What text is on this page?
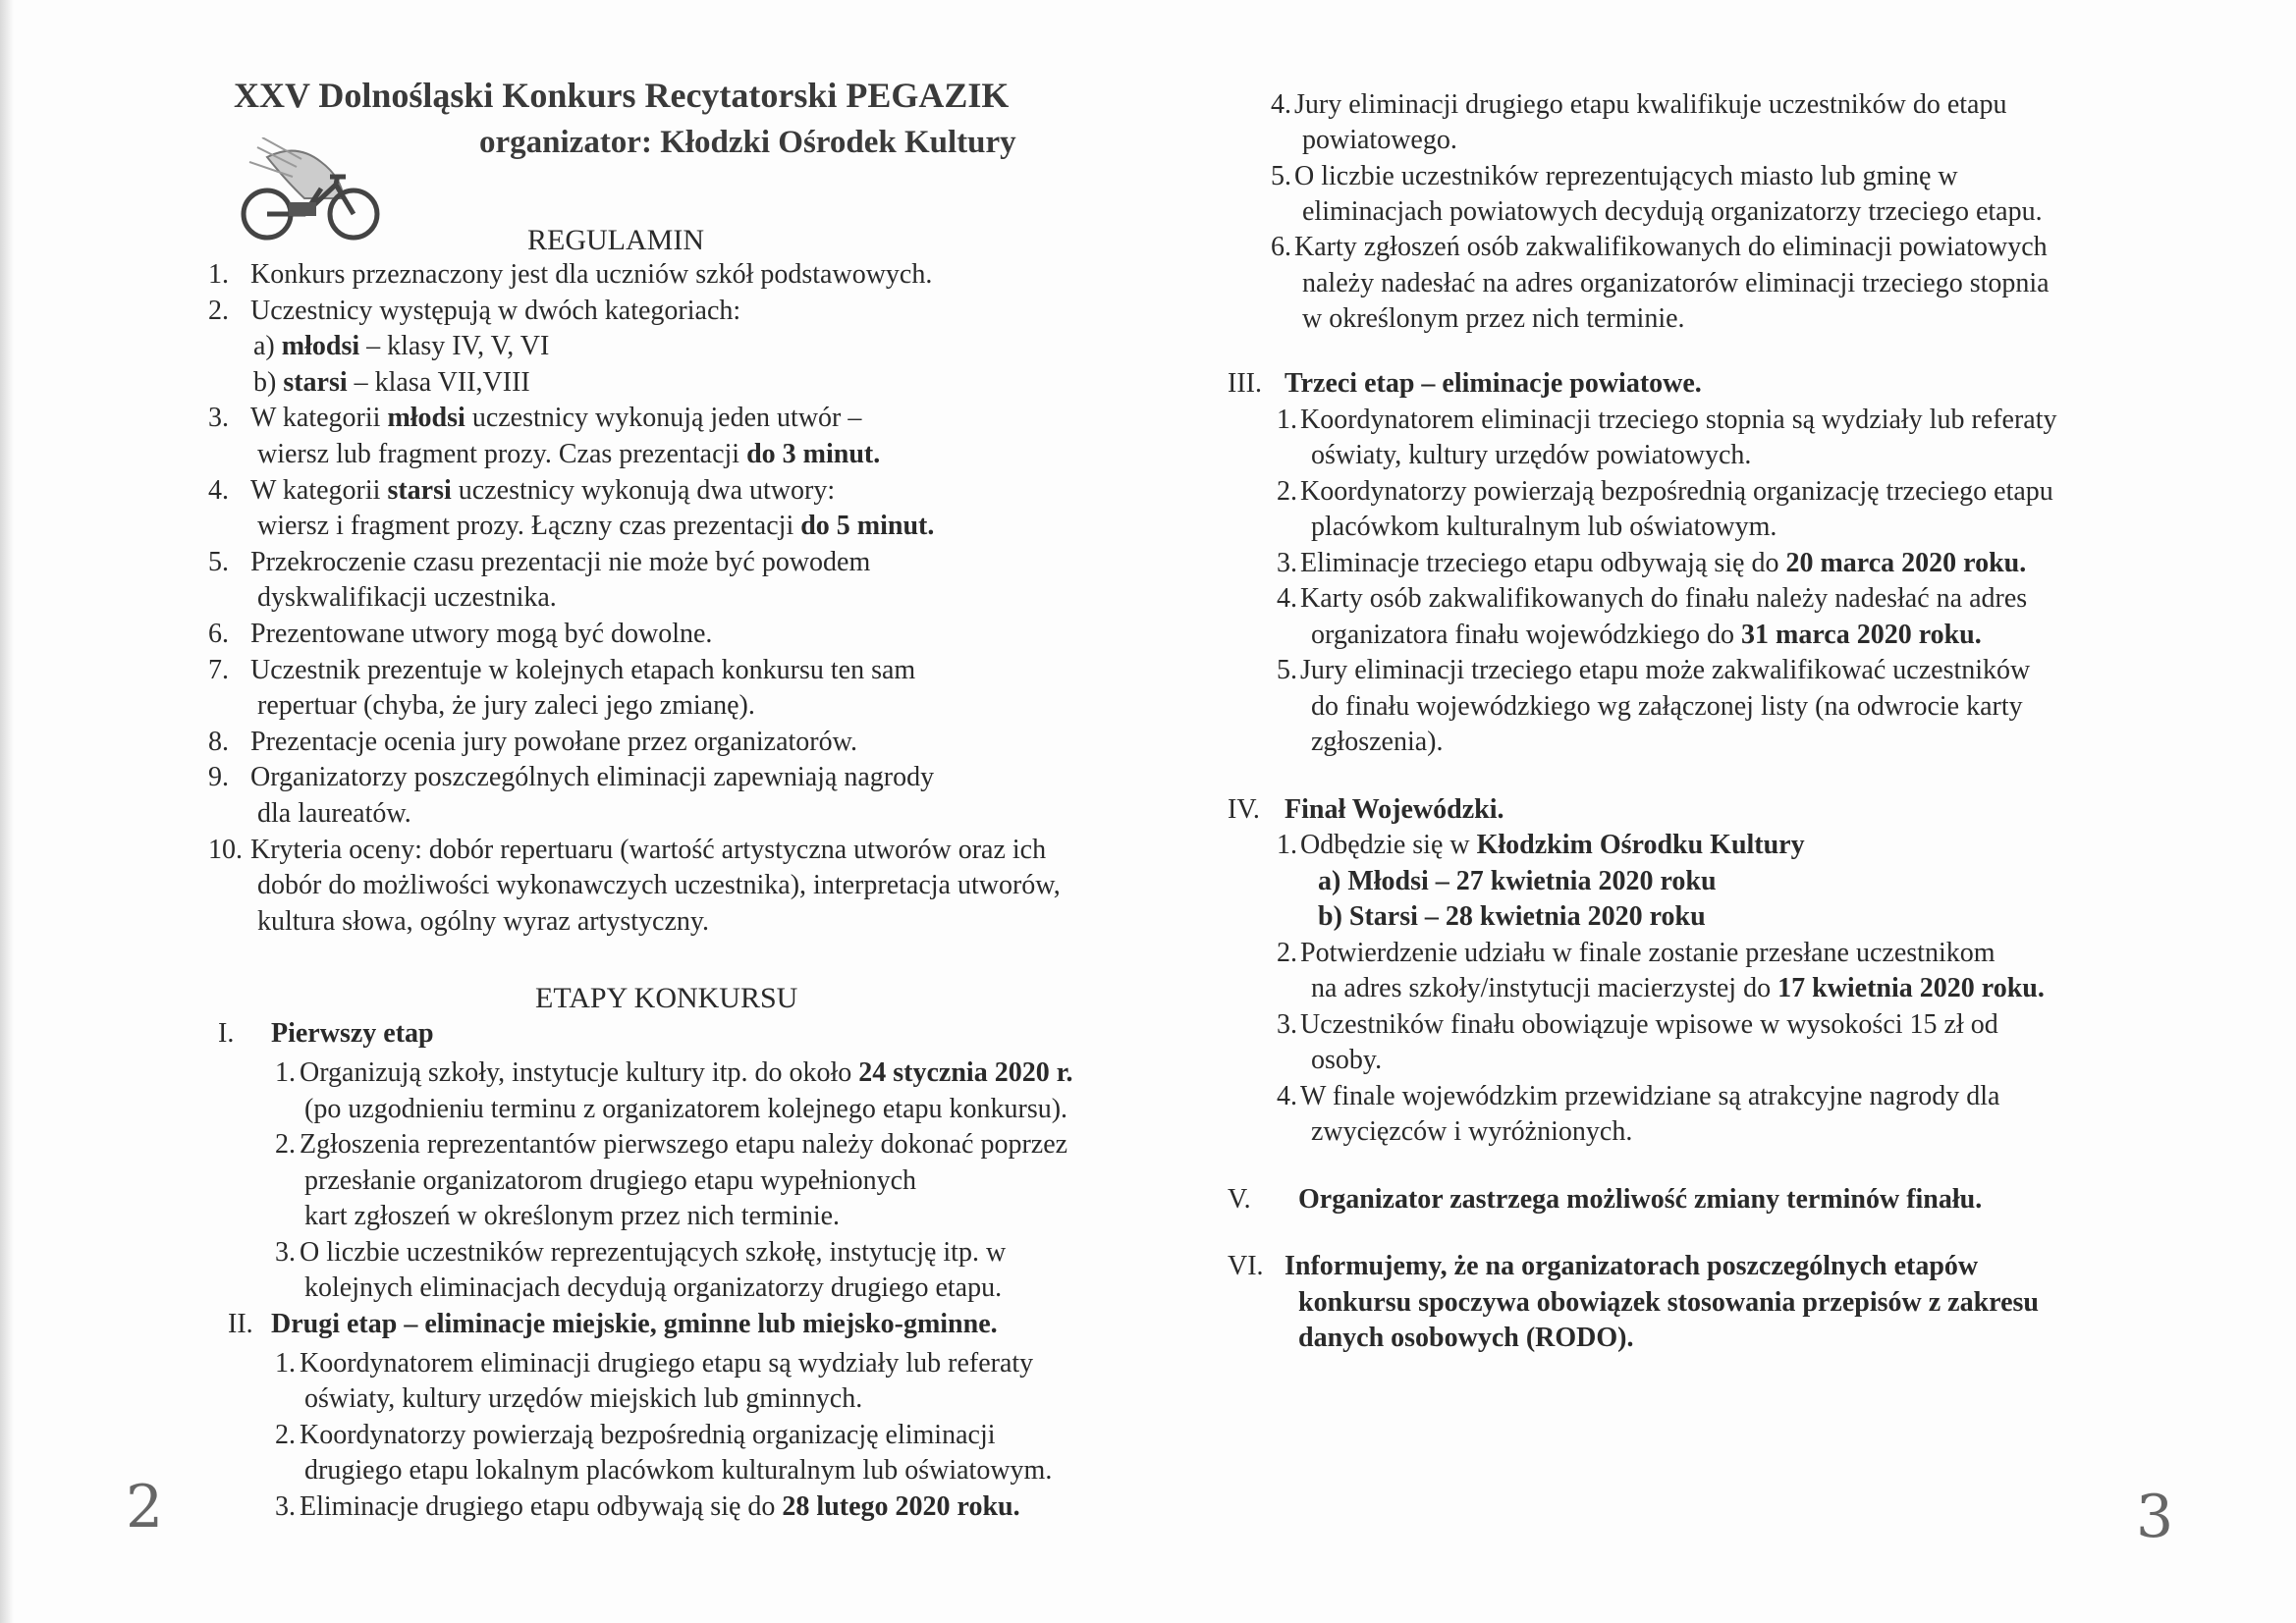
XXV Dolnośląski Konkurs Recytatorski PEGAZIK
organizator: Kłodzki Ośrodek Kultury
REGULAMIN
1. Konkurs przeznaczony jest dla uczniów szkół podstawowych.
2. Uczestnicy występują w dwóch kategoriach:
a) młodsi – klasy IV, V, VI
b) starsi – klasa VII,VIII
3. W kategorii młodsi uczestnicy wykonują jeden utwór –
wiersz lub fragment prozy. Czas prezentacji do 3 minut.
4. W kategorii starsi uczestnicy wykonują dwa utwory:
wiersz i fragment prozy. Łączny czas prezentacji do 5 minut.
5. Przekroczenie czasu prezentacji nie może być powodem
dyskwalifikacji uczestnika.
6. Prezentowane utwory mogą być dowolne.
7. Uczestnik prezentuje w kolejnych etapach konkursu ten sam
repertuar (chyba, że jury zaleci jego zmianę).
8. Prezentacje ocenia jury powołane przez organizatorów.
9. Organizatorzy poszczególnych eliminacji zapewniają nagrody
dla laureatów.
10. Kryteria oceny: dobór repertuaru (wartość artystyczna utworów oraz ich
dobór do możliwości wykonawczych uczestnika), interpretacja utworów,
kultura słowa, ogólny wyraz artystyczny.
ETAPY KONKURSU
I. Pierwszy etap
1. Organizują szkoły, instytucje kultury itp. do około 24 stycznia 2020 r.
(po uzgodnieniu terminu z organizatorem kolejnego etapu konkursu).
2. Zgłoszenia reprezentantów pierwszego etapu należy dokonać poprzez
przesłanie organizatorom drugiego etapu wypełnionych
kart zgłoszeń w określonym przez nich terminie.
3. O liczbie uczestników reprezentujących szkołę, instytucję itp. w
kolejnych eliminacjach decydują organizatorzy drugiego etapu.
II. Drugi etap – eliminacje miejskie, gminne lub miejsko-gminne.
1. Koordynatorem eliminacji drugiego etapu są wydziały lub referaty
oświaty, kultury urzędów miejskich lub gminnych.
2. Koordynatorzy powierzają bezpośrednią organizację eliminacji
drugiego etapu lokalnym placówkom kulturalnym lub oświatowym.
3. Eliminacje drugiego etapu odbywają się do 28 lutego 2020 roku.
2
4. Jury eliminacji drugiego etapu kwalifikuje uczestników do etapu
powiatowego.
5. O liczbie uczestników reprezentujących miasto lub gminę w
eliminacjach powiatowych decydują organizatorzy trzeciego etapu.
6. Karty zgłoszeń osób zakwalifikowanych do eliminacji powiatowych
należy nadesłać na adres organizatorów eliminacji trzeciego stopnia
w określonym przez nich terminie.
III. Trzeci etap – eliminacje powiatowe.
1. Koordynatorem eliminacji trzeciego stopnia są wydziały lub referaty
oświaty, kultury urzędów powiatowych.
2. Koordynatorzy powierzają bezpośrednią organizację trzeciego etapu
placówkom kulturalnym lub oświatowym.
3. Eliminacje trzeciego etapu odbywają się do 20 marca 2020 roku.
4. Karty osób zakwalifikowanych do finału należy nadesłać na adres
organizatora finału wojewódzkiego do 31 marca 2020 roku.
5. Jury eliminacji trzeciego etapu może zakwalifikować uczestników
do finału wojewódzkiego wg załączonej listy (na odwrocie karty
zgłoszenia).
IV. Finał Wojewódzki.
1. Odbędzie się w Kłodzkim Ośrodku Kultury
a) Młodsi – 27 kwietnia 2020 roku
b) Starsi – 28 kwietnia 2020 roku
2. Potwierdzenie udziału w finale zostanie przesłane uczestnikom
na adres szkoły/instytucji macierzystej do 17 kwietnia 2020 roku.
3. Uczestników finału obowiązuje wpisowe w wysokości 15 zł od
osoby.
4. W finale wojewódzkim przewidziane są atrakcyjne nagrody dla
zwycięzców i wyróżnionych.
V. Organizator zastrzega możliwość zmiany terminów finału.
VI. Informujemy, że na organizatorach poszczególnych etapów
konkursu spoczywa obowiązek stosowania przepisów z zakresu
danych osobowych (RODO).
3
